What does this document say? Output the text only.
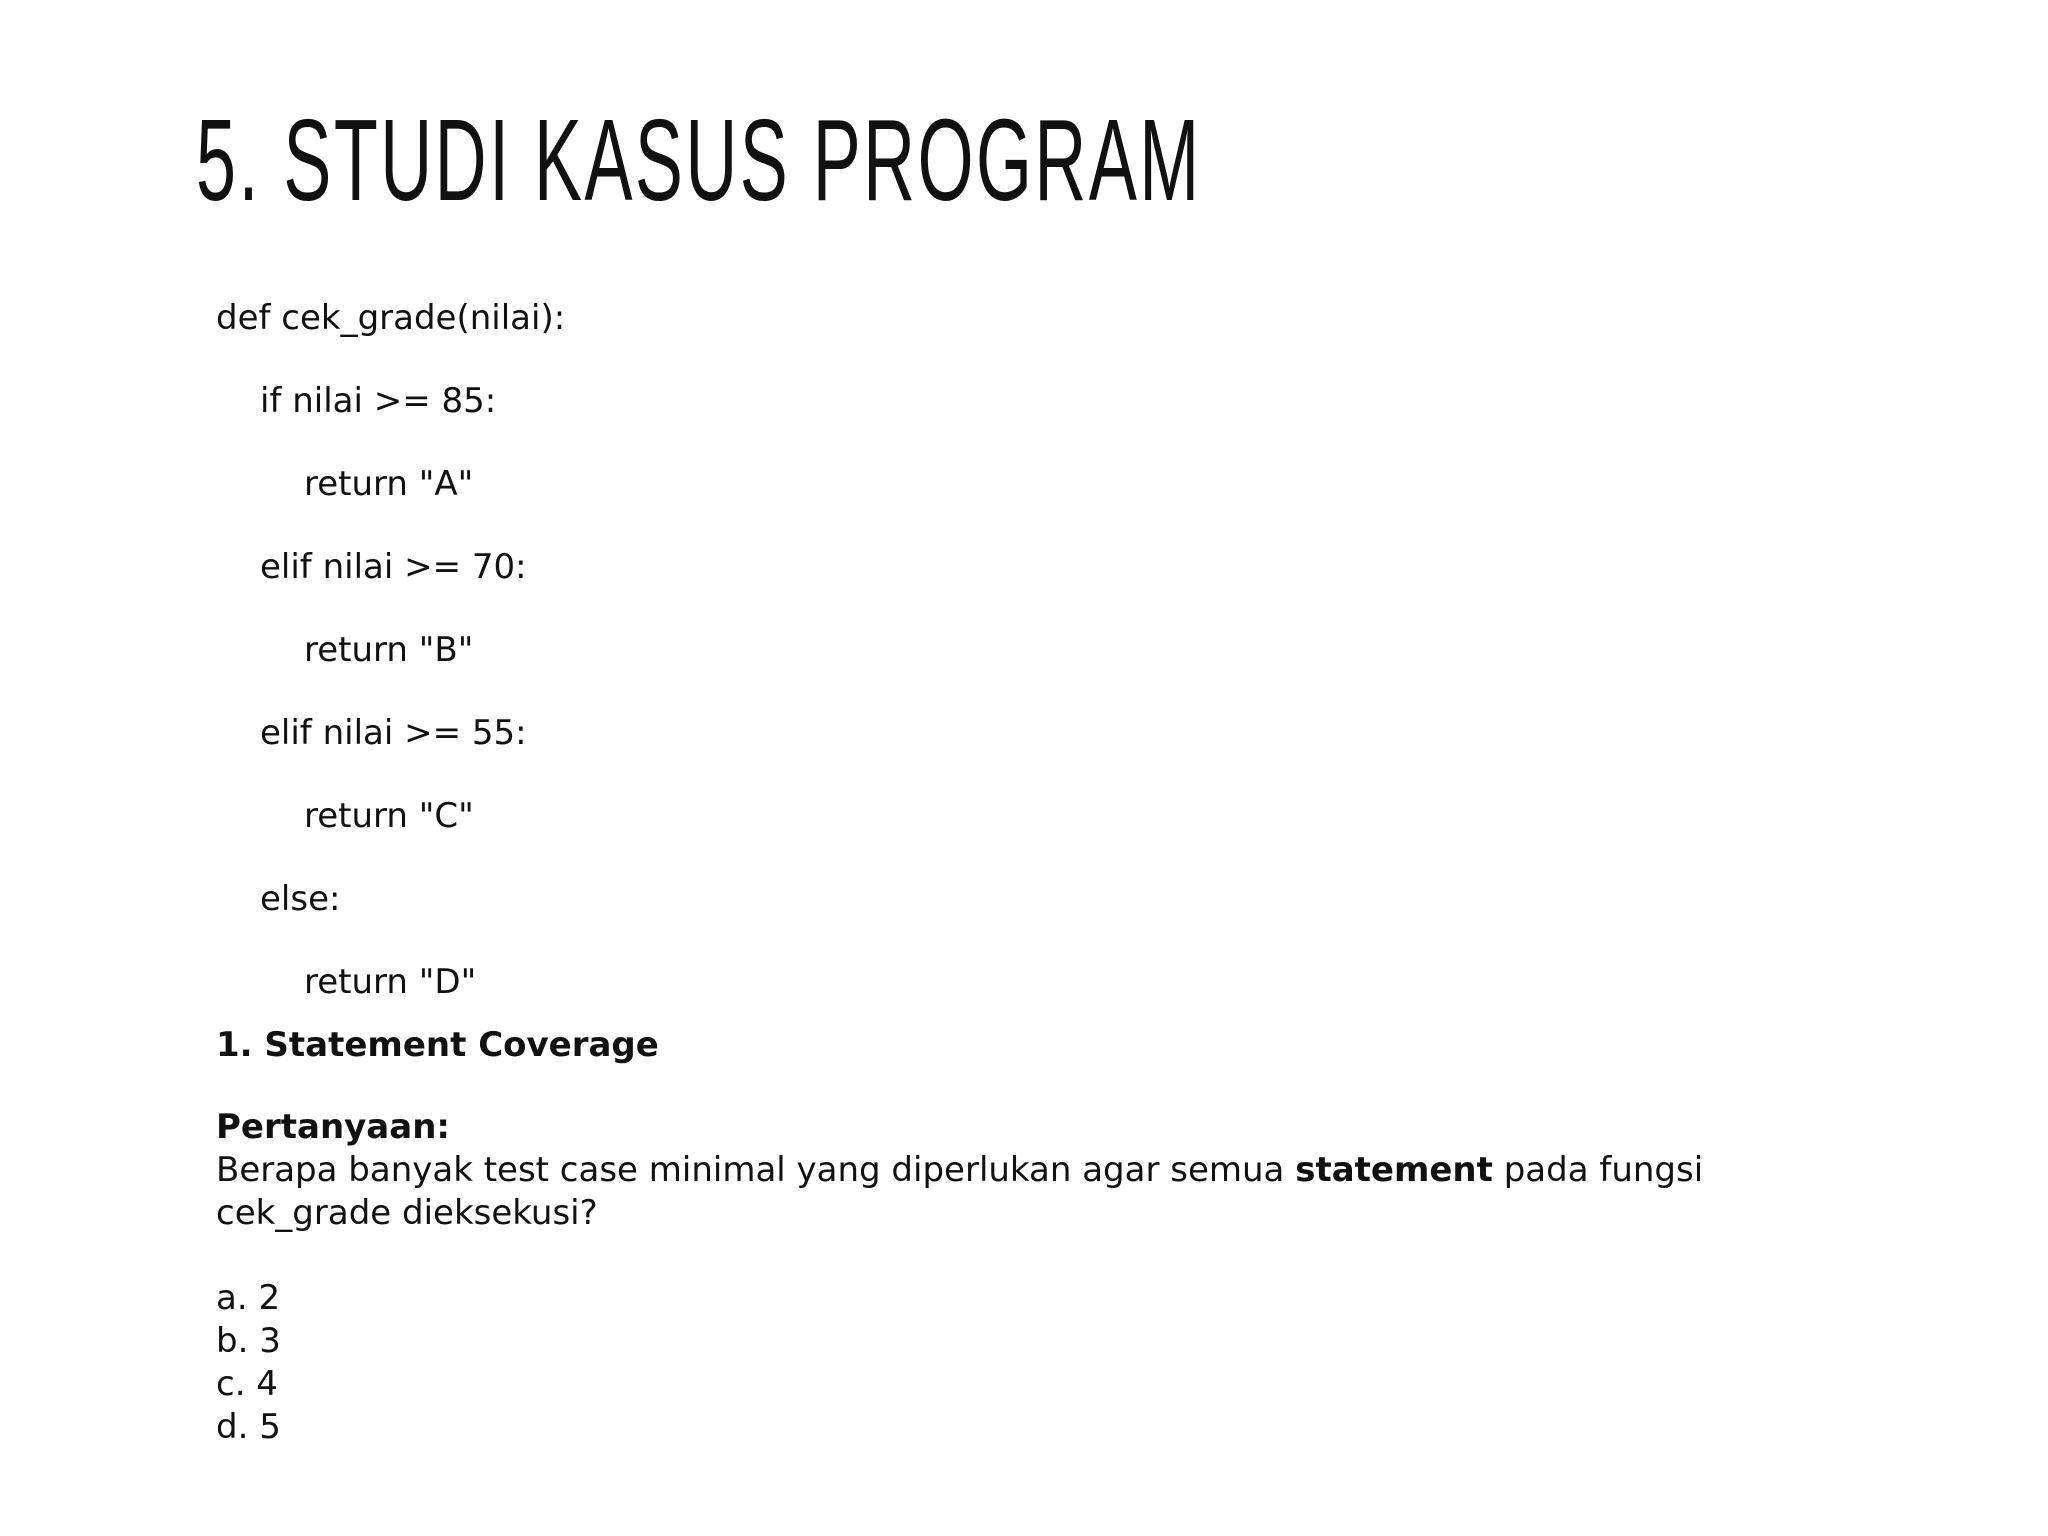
5. STUDI KASUS PROGRAM
def cek_grade(nilai):
if nilai >= 85:
return "A"
elif nilai >= 70:
return "B"
elif nilai >= 55:
return "C"
else:
return "D"
1. Statement Coverage
Pertanyaan:
Berapa banyak test case minimal yang diperlukan agar semua statement pada fungsi cek_grade dieksekusi?
a. 2
b. 3
c. 4
d. 5
